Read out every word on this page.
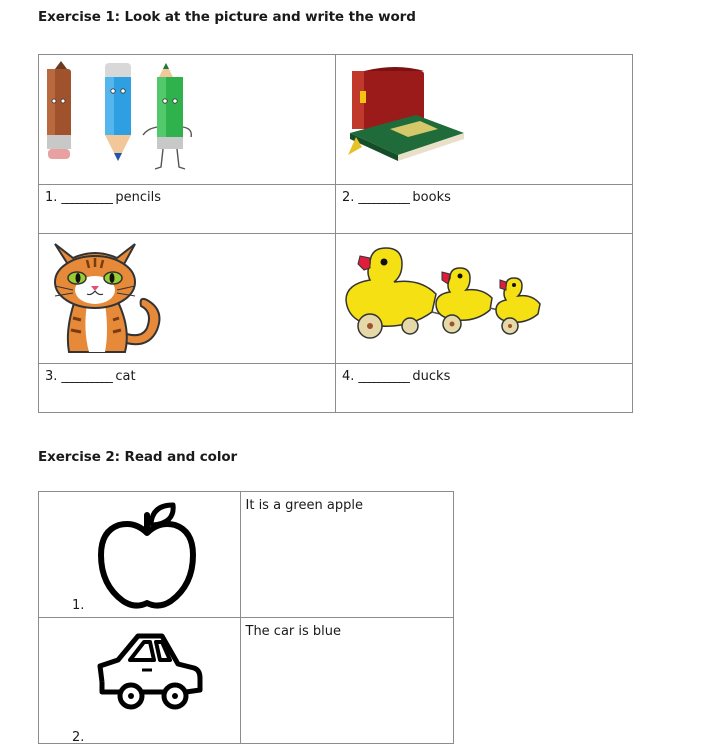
Exercise 1: Look at the picture and write the word

1. __________ pencils	2. __________ books

3. __________ cat	4. __________ ducks
Exercise 2: Read and color
1.	It is a green apple

2.	The car is blue
